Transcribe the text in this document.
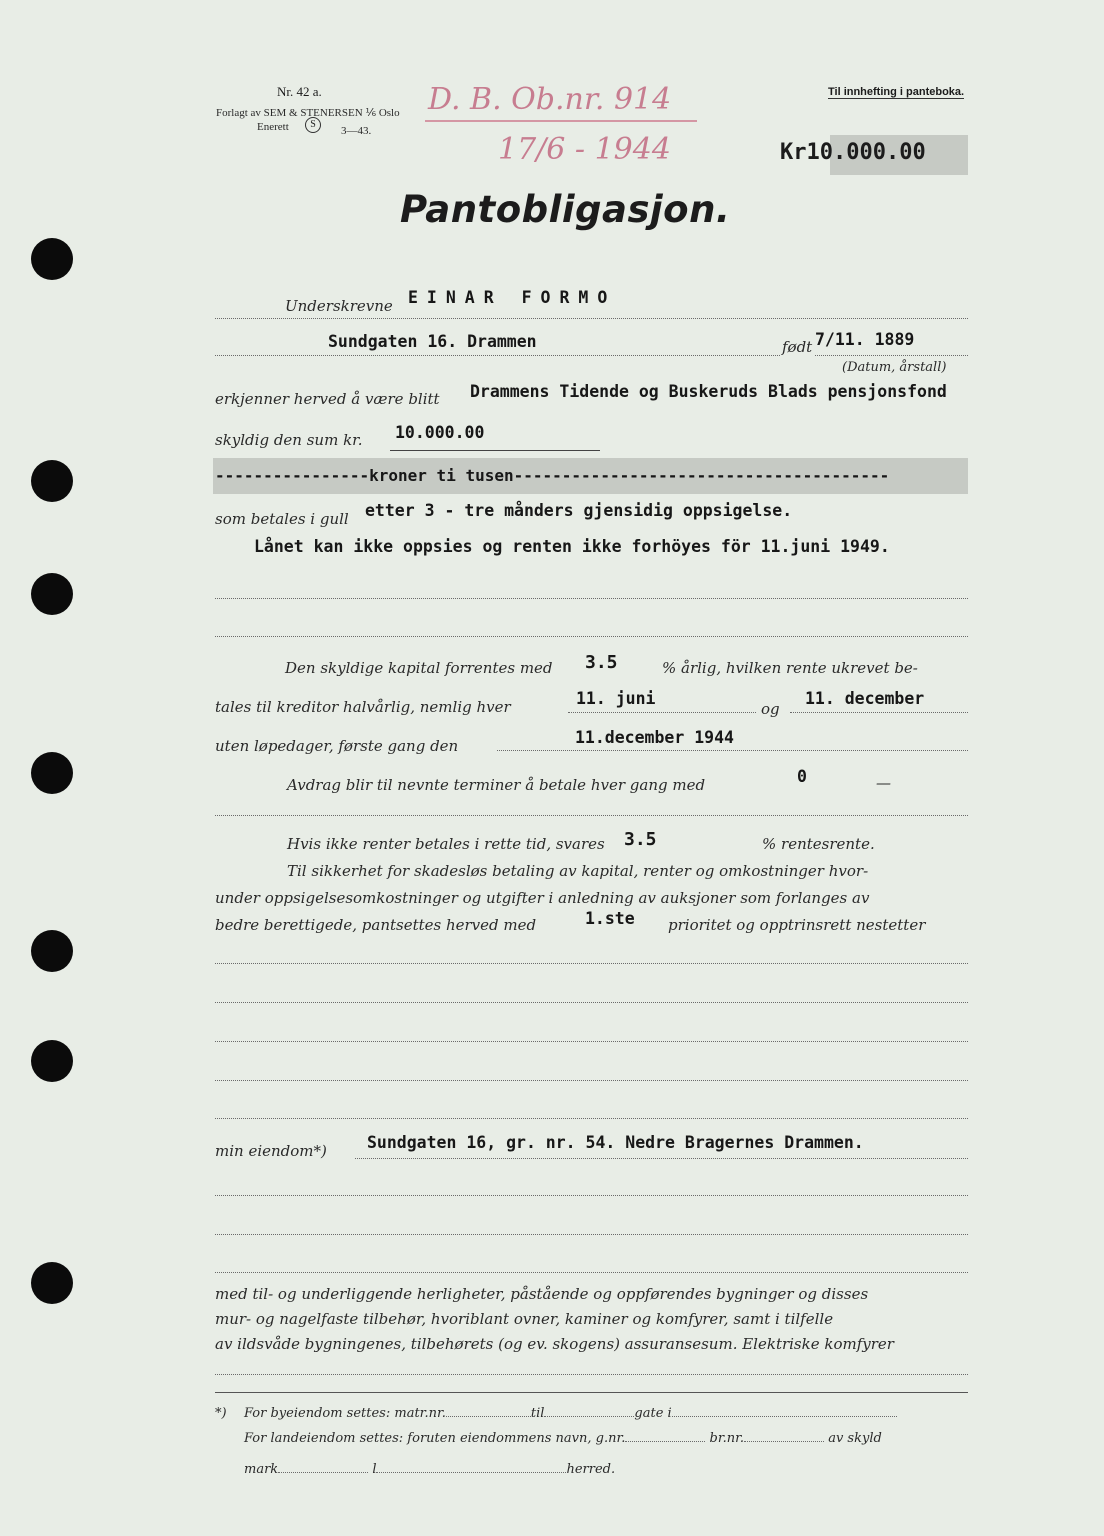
Nr. 42 a.
Forlagt av SEM & STENERSEN ⅙ Oslo
Enerett	S
3—43.
Til innhefting i panteboka.
D. B. Ob.nr. 914
17/6 - 1944	Kr10.000.00
Pantobligasjon.
Underskrevne EINAR FORMO
Sundgaten 16. Drammen	født 7/11. 1889
(Datum, årstall)
erkjenner herved å være blitt Drammens Tidende og Buskeruds Blads pensjonsfond
skyldig den sum kr. 10.000.00
----------------kroner ti tusen---------------------------------------
som betales i gull etter 3 - tre månders gjensidig oppsigelse.
Lånet kan ikke oppsies og renten ikke forhöyes för 11.juni 1949.
Den skyldige kapital forrentes med 3.5	% årlig, hvilken rente ukrevet be-
tales til kreditor halvårlig, nemlig hver	11. juni
og
11. december
uten løpedager, første gang den	11.december 1944
Avdrag blir til nevnte terminer å betale hver gang med	0	—
Hvis ikke renter betales i rette tid, svares 3.5	% rentesrente.
Til sikkerhet for skadesløs betaling av kapital, renter og omkostninger hvor-
under oppsigelsesomkostninger og utgifter i anledning av auksjoner som forlanges av
bedre berettigede, pantsettes herved med	1.ste prioritet og opptrinsrett nestetter
min eiendom*) Sundgaten 16, gr. nr. 54. Nedre Bragernes Drammen.
med til- og underliggende herligheter, påstående og oppførendes bygninger og disses
mur- og nagelfaste tilbehør, hvoriblant ovner, kaminer og komfyrer, samt i tilfelle
av ildsvåde bygningenes, tilbehørets (og ev. skogens) assuransesum. Elektriske komfyrer
*) For byeiendom settes: matr.nr.	til	gate i
For landeiendom settes: foruten eiendommens navn, g.nr.	br.nr.	av skyld
mark	l	herred.
